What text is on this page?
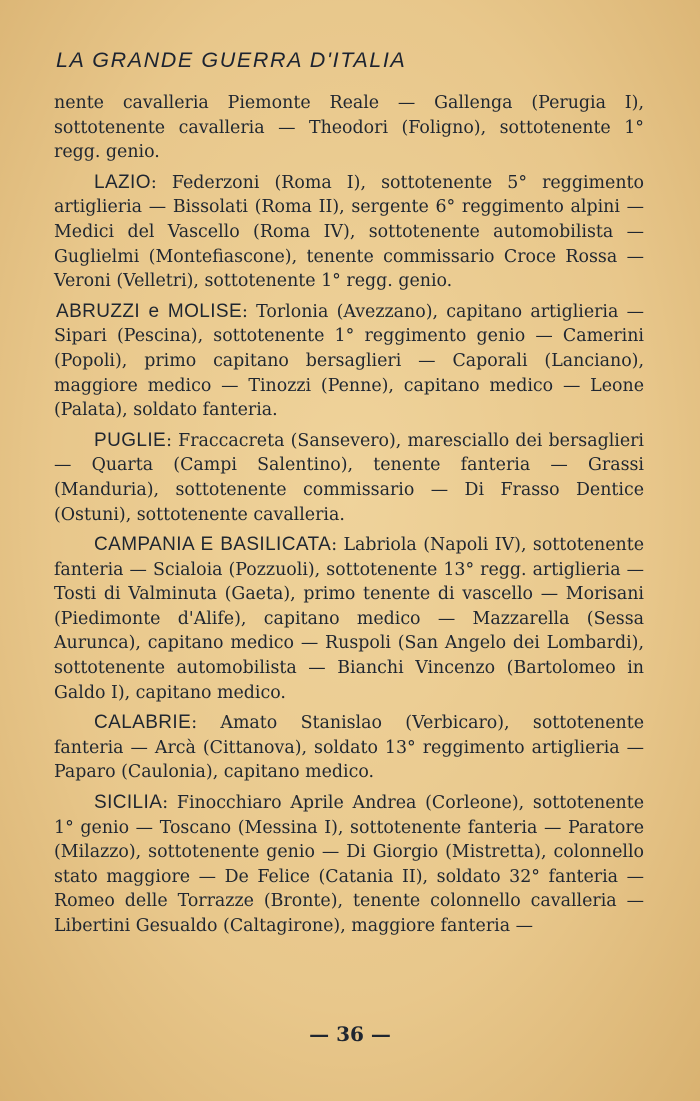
LA GRANDE GUERRA D'ITALIA

nente cavalleria Piemonte Reale — Gallenga (Perugia I), sottotenente cavalleria — Theodori (Foligno), sottotenente 1° regg. genio.

LAZIO: Federzoni (Roma I), sottotenente 5° reggimento artiglieria — Bissolati (Roma II), sergente 6° reggimento alpini — Medici del Vascello (Roma IV), sottotenente automobilista — Guglielmi (Montefiascone), tenente commissario Croce Rossa — Veroni (Velletri), sottotenente 1° regg. genio.

ABRUZZI e MOLISE: Torlonia (Avezzano), capitano artiglieria — Sipari (Pescina), sottotenente 1° reggimento genio — Camerini (Popoli), primo capitano bersaglieri — Caporali (Lanciano), maggiore medico — Tinozzi (Penne), capitano medico — Leone (Palata), soldato fanteria.

PUGLIE: Fraccacreta (Sansevero), maresciallo dei bersaglieri — Quarta (Campi Salentino), tenente fanteria — Grassi (Manduria), sottotenente commissario — Di Frasso Dentice (Ostuni), sottotenente cavalleria.

CAMPANIA E BASILICATA: Labriola (Napoli IV), sottotenente fanteria — Scialoia (Pozzuoli), sottotenente 13° regg. artiglieria — Tosti di Valminuta (Gaeta), primo tenente di vascello — Morisani (Piedimonte d'Alife), capitano medico — Mazzarella (Sessa Aurunca), capitano medico — Ruspoli (San Angelo dei Lombardi), sottotenente automobilista — Bianchi Vincenzo (Bartolomeo in Galdo I), capitano medico.

CALABRIE: Amato Stanislao (Verbicaro), sottotenente fanteria — Arcà (Cittanova), soldato 13° reggimento artiglieria — Paparo (Caulonia), capitano medico.

SICILIA: Finocchiaro Aprile Andrea (Corleone), sottotenente 1° genio — Toscano (Messina I), sottotenente fanteria — Paratore (Milazzo), sottotenente genio — Di Giorgio (Mistretta), colonnello stato maggiore — De Felice (Catania II), soldato 32° fanteria — Romeo delle Torrazze (Bronte), tenente colonnello cavalleria — Libertini Gesualdo (Caltagirone), maggiore fanteria —

— 36 —
